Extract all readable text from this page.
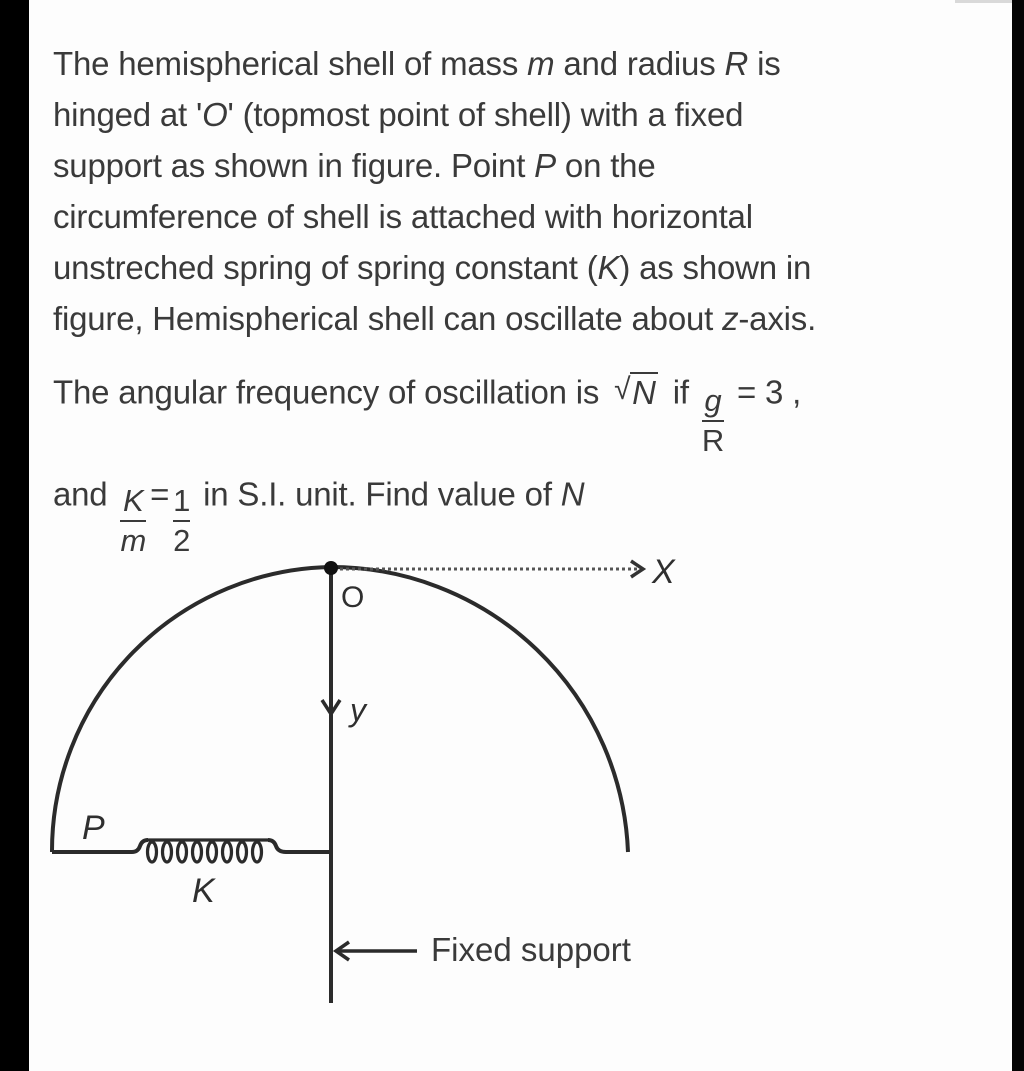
The hemispherical shell of mass m and radius R is
hinged at 'O' (topmost point of shell) with a fixed
support as shown in figure. Point P on the
circumference of shell is attached with horizontal
unstreched spring of spring constant (K) as shown in
figure, Hemispherical shell can oscillate about z-axis.
The angular frequency of oscillation is √ N if $\frac{g}{R} = 3$ ,
and $\frac{K}{m} = \frac{1}{2}$ in S.I. unit. Find value of N
O
X
y
P
K
Fixed support
